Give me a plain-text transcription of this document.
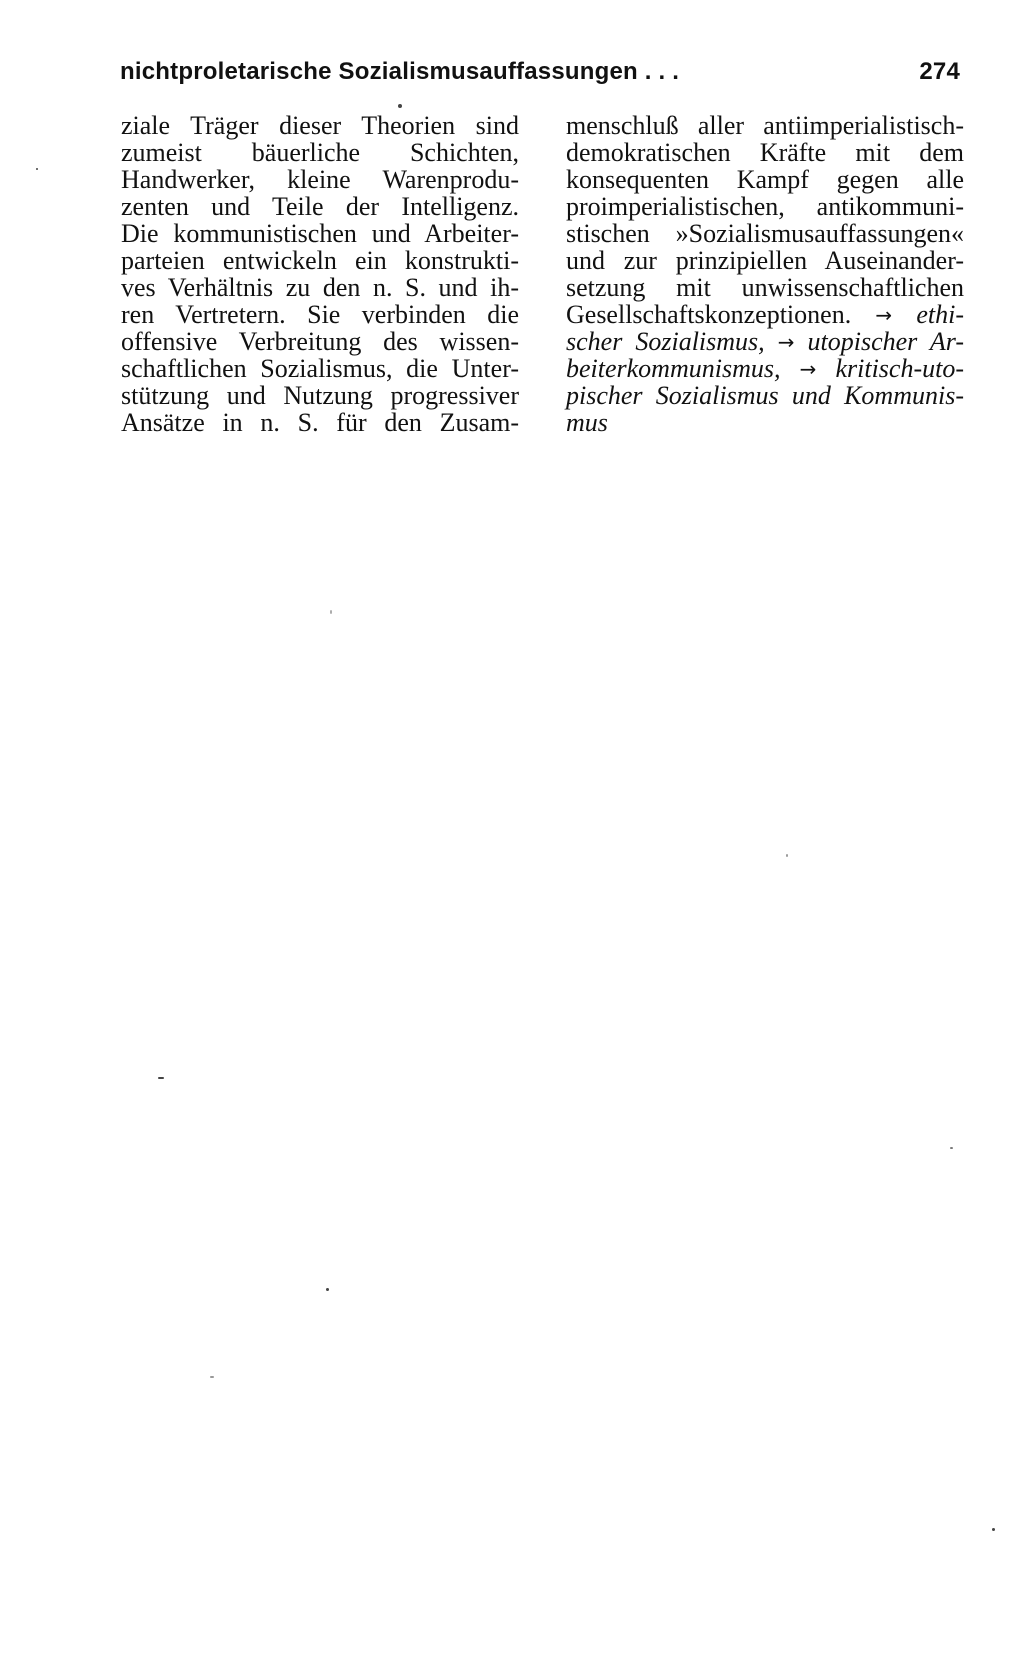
nichtproletarische Sozialismusauffassungen . . .	274
ziale Träger dieser Theorien sind
zumeist bäuerliche Schichten,
Handwerker, kleine Warenprodu-
zenten und Teile der Intelligenz.
Die kommunistischen und Arbeiter-
parteien entwickeln ein konstrukti-
ves Verhältnis zu den n. S. und ih-
ren Vertretern. Sie verbinden die
offensive Verbreitung des wissen-
schaftlichen Sozialismus, die Unter-
stützung und Nutzung progressiver
Ansätze in n. S. für den Zusam-
menschluß aller antiimperialistisch-
demokratischen Kräfte mit dem
konsequenten Kampf gegen alle
proimperialistischen, antikommuni-
stischen »Sozialismusauffassungen«
und zur prinzipiellen Auseinander-
setzung mit unwissenschaftlichen
Gesellschaftskonzeptionen. → ethi-
scher Sozialismus, → utopischer Ar-
beiterkommunismus, → kritisch-uto-
pischer Sozialismus und Kommunis-
mus
